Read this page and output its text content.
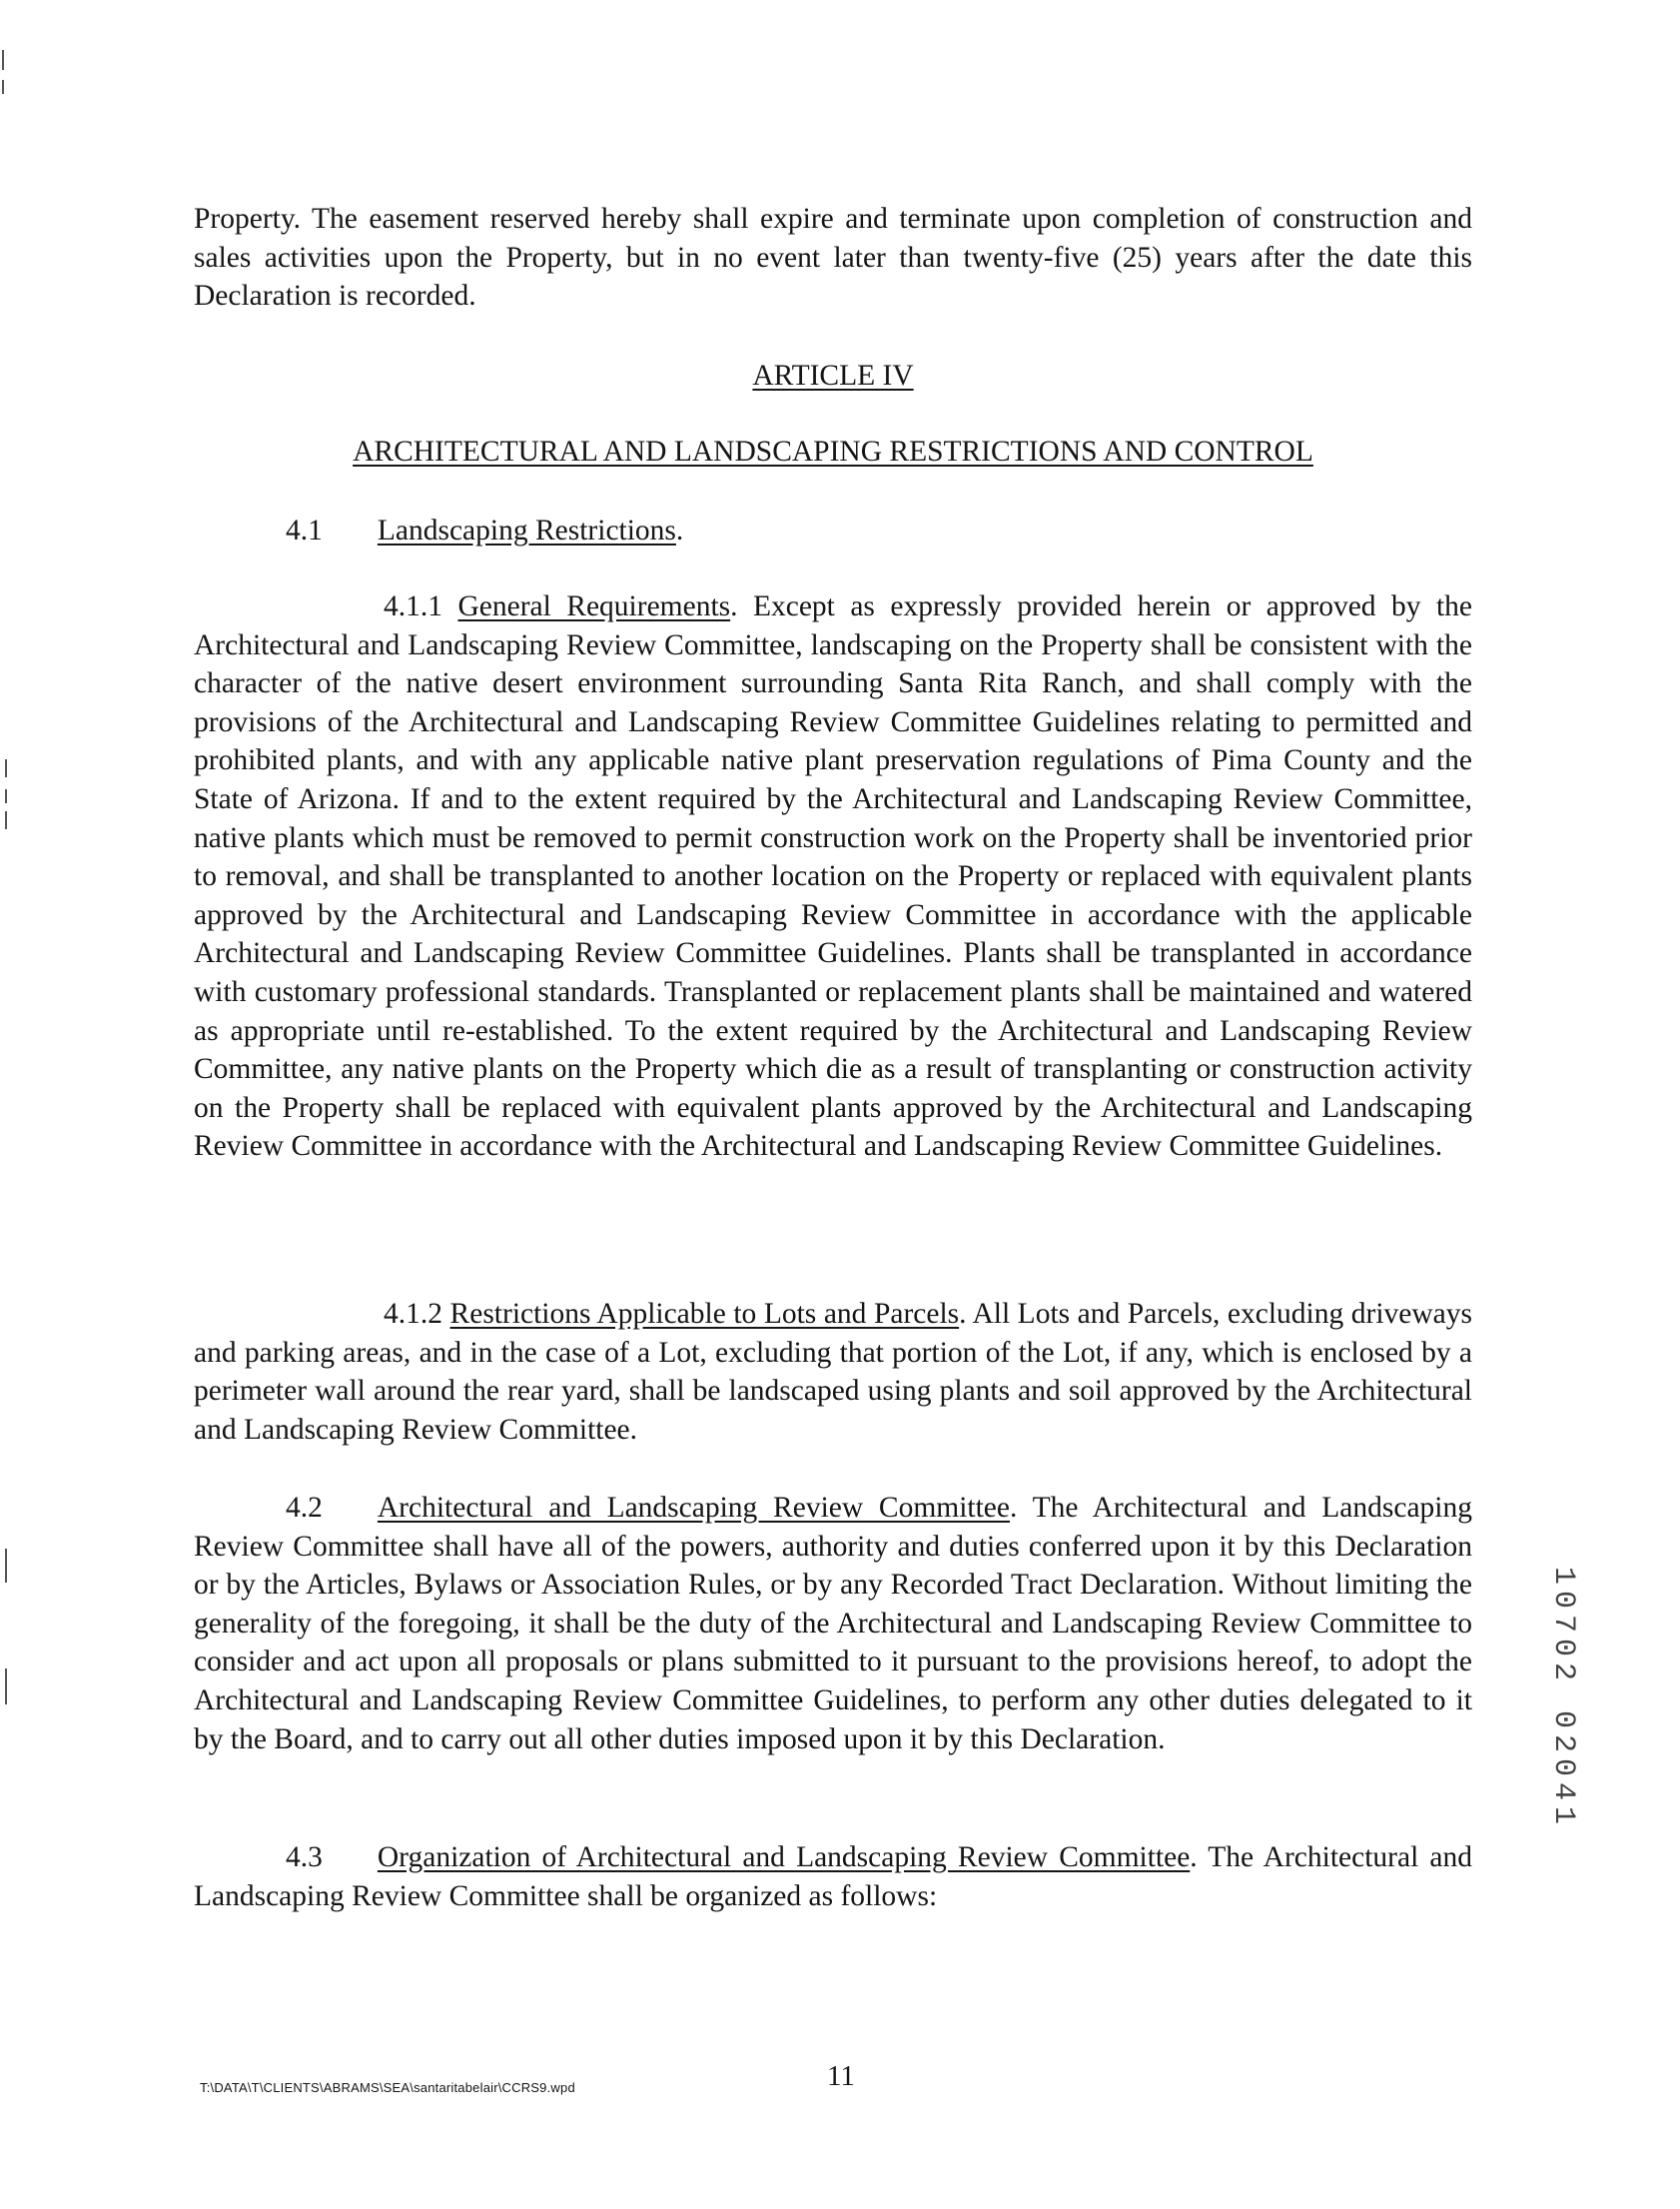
Property. The easement reserved hereby shall expire and terminate upon completion of construction and sales activities upon the Property, but in no event later than twenty-five (25) years after the date this Declaration is recorded.

ARTICLE IV

ARCHITECTURAL AND LANDSCAPING RESTRICTIONS AND CONTROL

4.1 Landscaping Restrictions.

4.1.1 General Requirements. Except as expressly provided herein or approved by the Architectural and Landscaping Review Committee, landscaping on the Property shall be consistent with the character of the native desert environment surrounding Santa Rita Ranch, and shall comply with the provisions of the Architectural and Landscaping Review Committee Guidelines relating to permitted and prohibited plants, and with any applicable native plant preservation regulations of Pima County and the State of Arizona. If and to the extent required by the Architectural and Landscaping Review Committee, native plants which must be removed to permit construction work on the Property shall be inventoried prior to removal, and shall be transplanted to another location on the Property or replaced with equivalent plants approved by the Architectural and Landscaping Review Committee in accordance with the applicable Architectural and Landscaping Review Committee Guidelines. Plants shall be transplanted in accordance with customary professional standards. Transplanted or replacement plants shall be maintained and watered as appropriate until re-established. To the extent required by the Architectural and Landscaping Review Committee, any native plants on the Property which die as a result of transplanting or construction activity on the Property shall be replaced with equivalent plants approved by the Architectural and Landscaping Review Committee in accordance with the Architectural and Landscaping Review Committee Guidelines.

4.1.2 Restrictions Applicable to Lots and Parcels. All Lots and Parcels, excluding driveways and parking areas, and in the case of a Lot, excluding that portion of the Lot, if any, which is enclosed by a perimeter wall around the rear yard, shall be landscaped using plants and soil approved by the Architectural and Landscaping Review Committee.

4.2 Architectural and Landscaping Review Committee. The Architectural and Landscaping Review Committee shall have all of the powers, authority and duties conferred upon it by this Declaration or by the Articles, Bylaws or Association Rules, or by any Recorded Tract Declaration. Without limiting the generality of the foregoing, it shall be the duty of the Architectural and Landscaping Review Committee to consider and act upon all proposals or plans submitted to it pursuant to the provisions hereof, to adopt the Architectural and Landscaping Review Committee Guidelines, to perform any other duties delegated to it by the Board, and to carry out all other duties imposed upon it by this Declaration.

4.3 Organization of Architectural and Landscaping Review Committee. The Architectural and Landscaping Review Committee shall be organized as follows:

T:\DATA\T\CLIENTS\ABRAMS\SEA\santaritabelair\CCRS9.wpd	11
10702 02041
